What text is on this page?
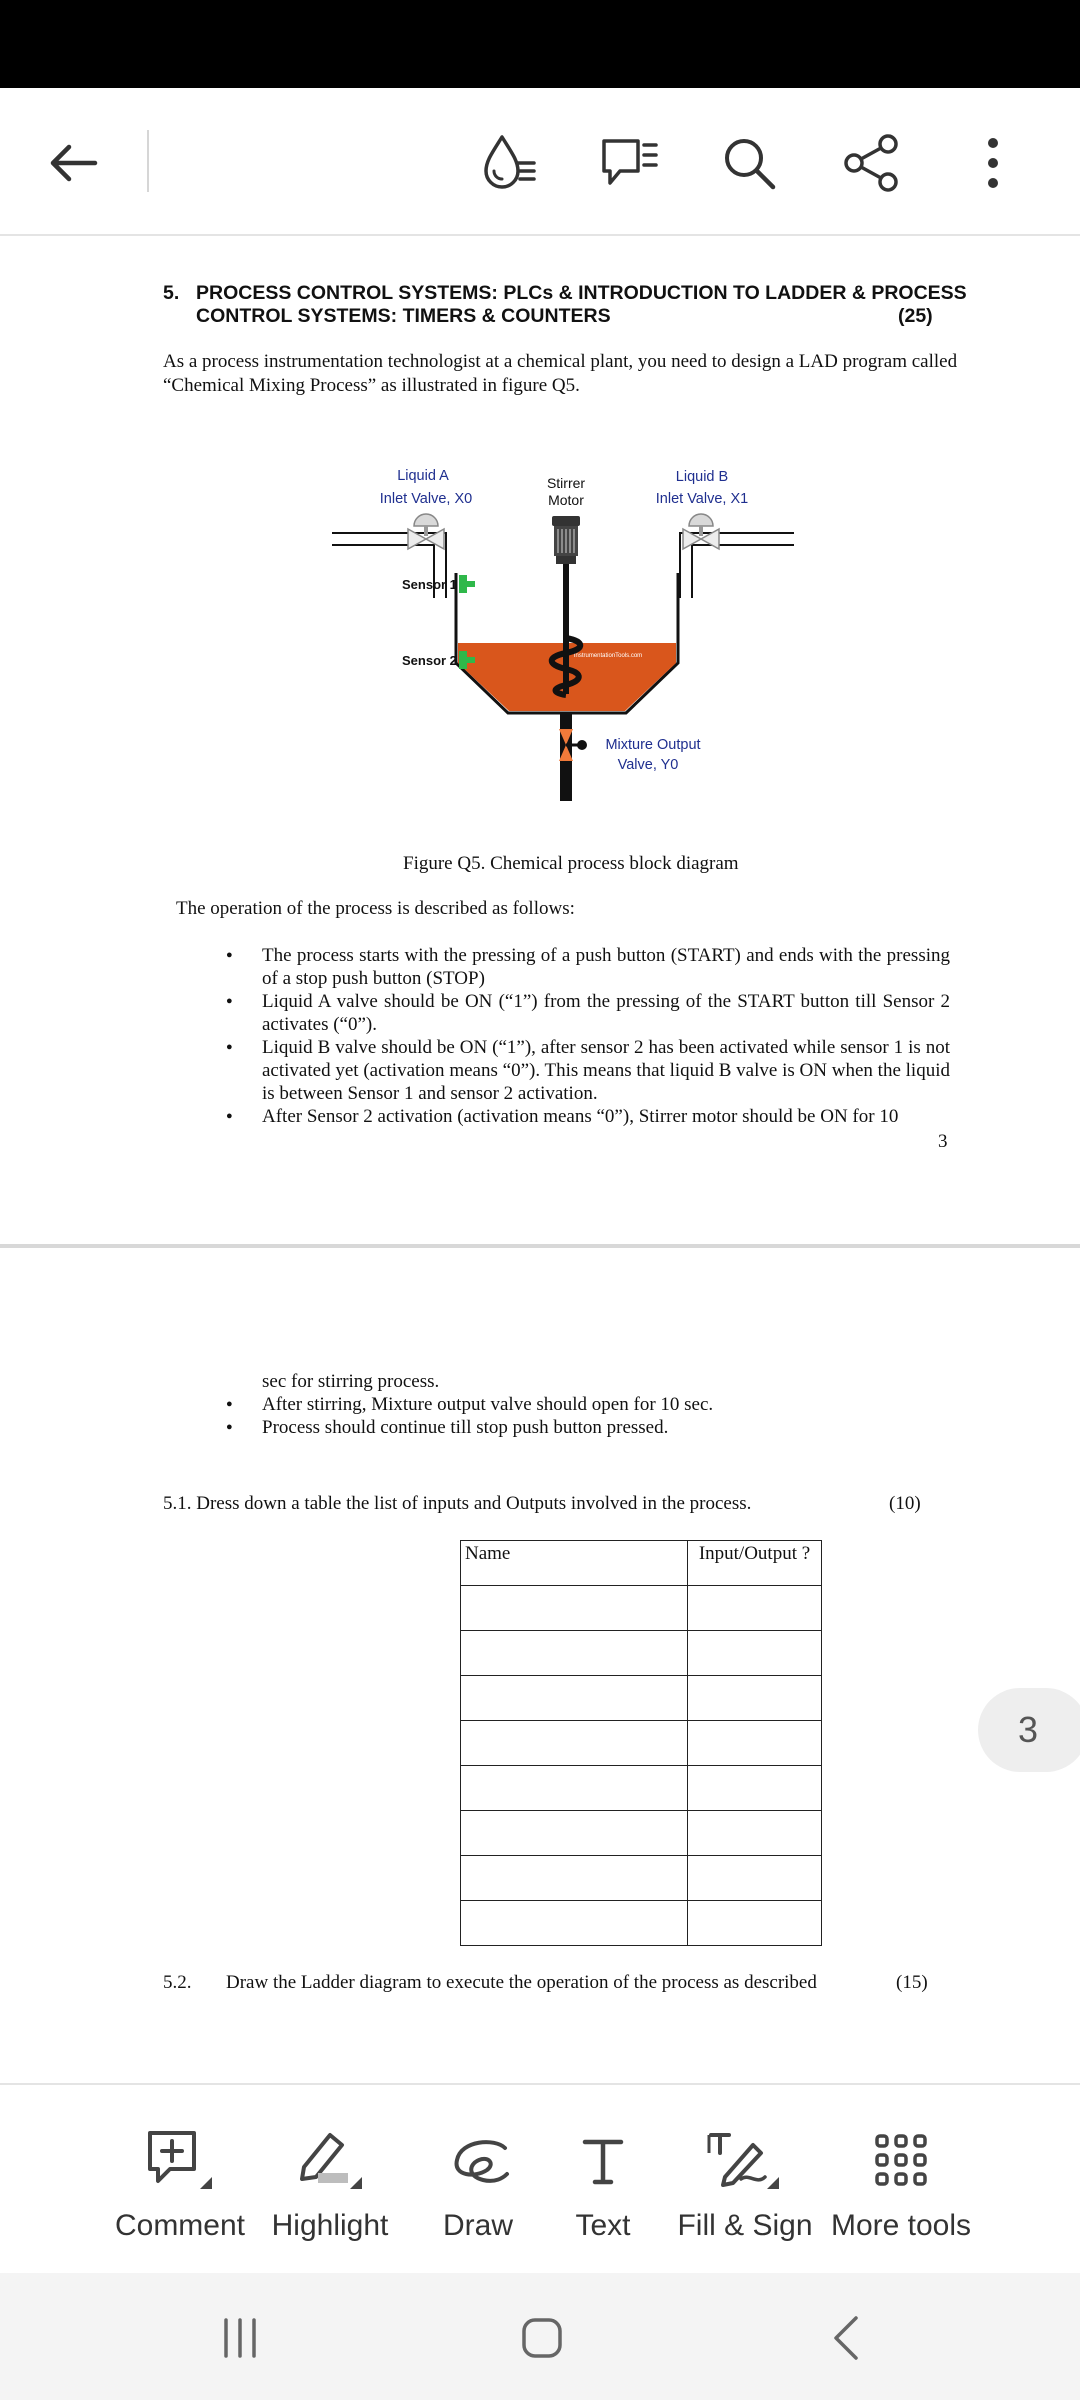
5. PROCESS CONTROL SYSTEMS: PLCs & INTRODUCTION TO LADDER & PROCESS
CONTROL SYSTEMS: TIMERS & COUNTERS	(25)
As a process instrumentation technologist at a chemical plant, you need to design a LAD program called “Chemical Mixing Process” as illustrated in figure Q5.
Liquid A
Inlet Valve, X0
Stirrer
Motor
Liquid B
Inlet Valve, X1
InstrumentationTools.com
Sensor 1
Sensor 2
Mixture Output
Valve, Y0
Figure Q5. Chemical process block diagram
The operation of the process is described as follows:
● The process starts with the pressing of a push button (START) and ends with the pressing of a stop push button (STOP)
● Liquid A valve should be ON (“1”) from the pressing of the START button till Sensor 2 activates (“0”).
● Liquid B valve should be ON (“1”), after sensor 2 has been activated while sensor 1 is not activated yet (activation means “0”). This means that liquid B valve is ON when the liquid is between Sensor 1 and sensor 2 activation.
● After Sensor 2 activation (activation means “0”), Stirrer motor should be ON for 10
3
sec for stirring process.
● After stirring, Mixture output valve should open for 10 sec.
● Process should continue till stop push button pressed.
5.1. Dress down a table the list of inputs and Outputs involved in the process.	(10)
Name	Input/Output ?

5.2. Draw the Ladder diagram to execute the operation of the process as described	(15)
3
Comment Highlight Draw Text Fill & Sign More tools
